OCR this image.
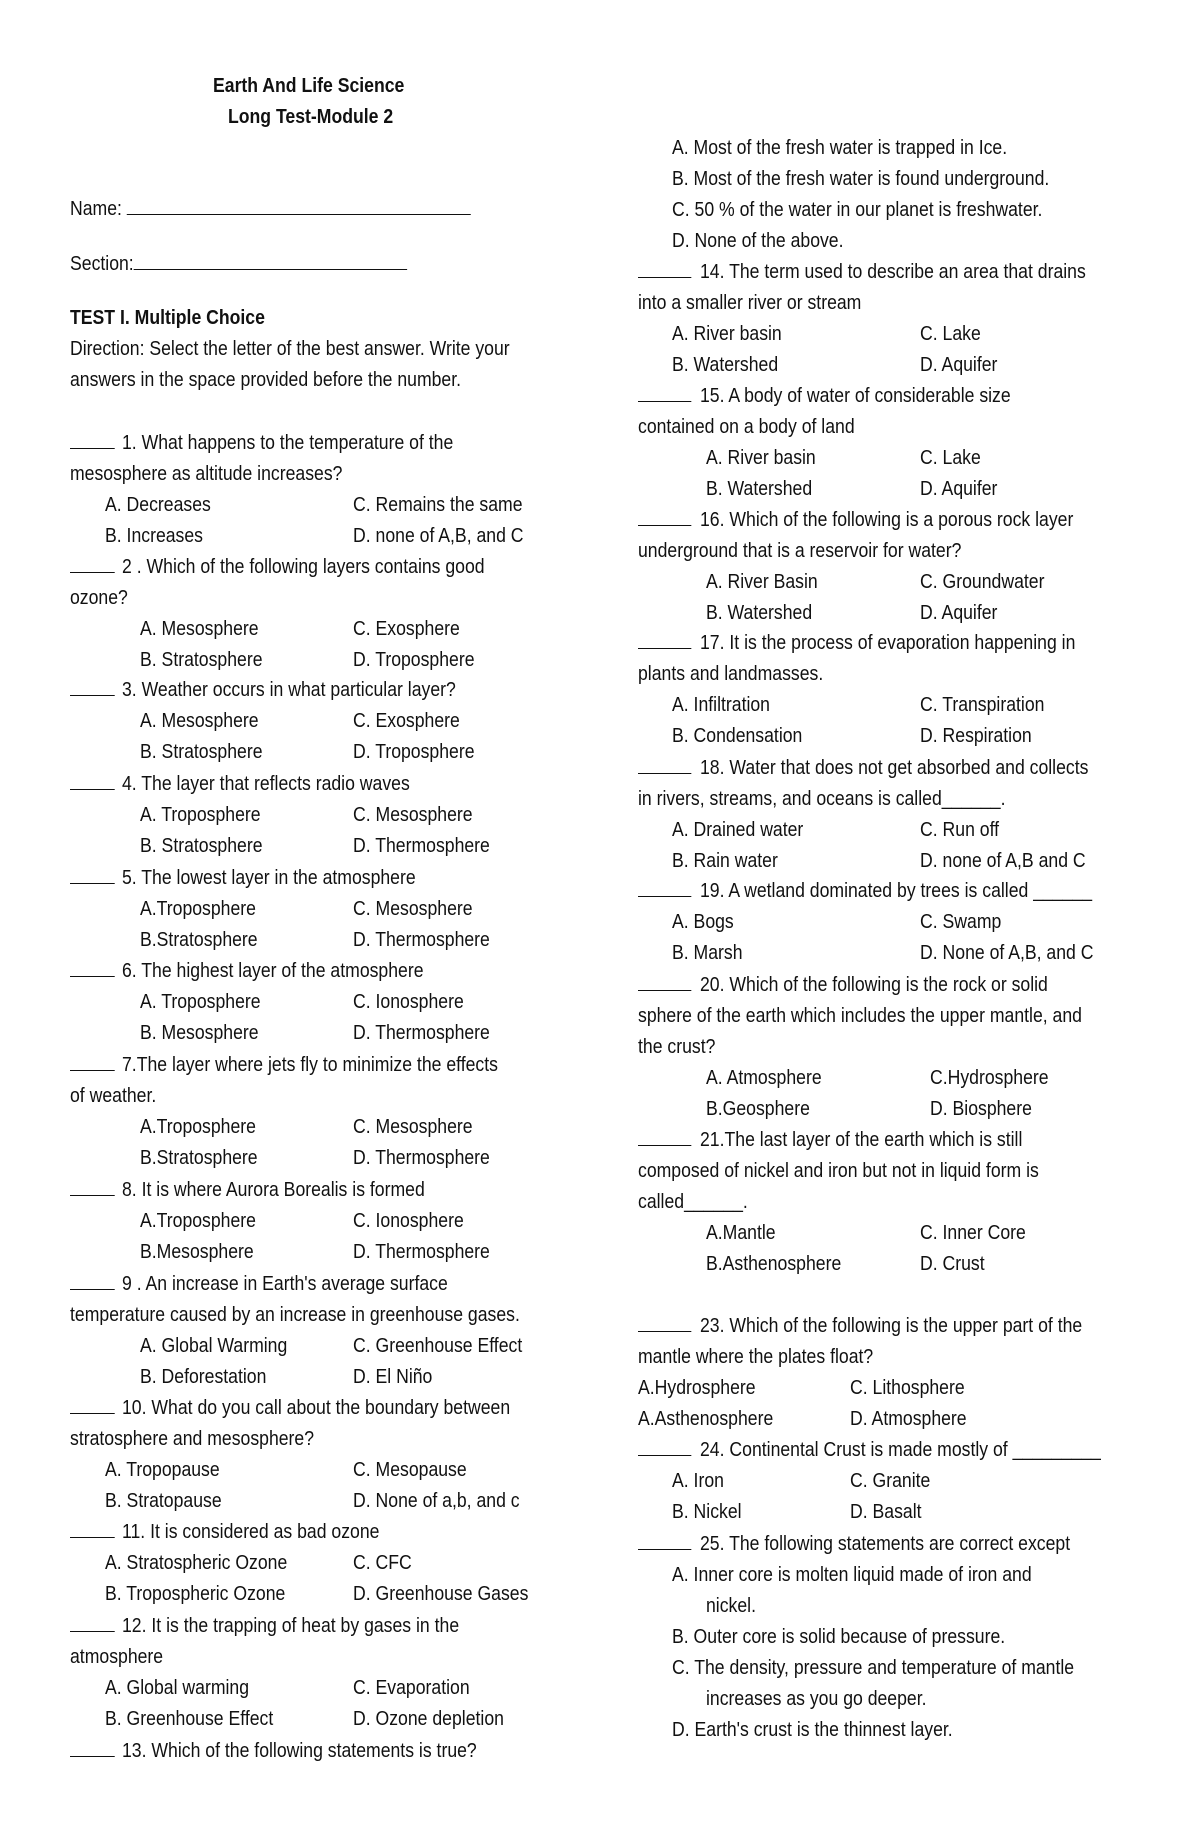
Earth And Life Science
Long Test-Module 2
Name:
Section:
TEST I. Multiple Choice
Direction: Select the letter of the best answer. Write your
answers in the space provided before the number.
1. What happens to the temperature of the
mesosphere as altitude increases?
A. Decreases	C. Remains the same
B. Increases	D. none of A,B, and C
2 . Which of the following layers contains good
ozone?
A. Mesosphere	C. Exosphere
B. Stratosphere	D. Troposphere
3. Weather occurs in what particular layer?
A. Mesosphere	C. Exosphere
B. Stratosphere	D. Troposphere
4. The layer that reflects radio waves
A. Troposphere	C. Mesosphere
B. Stratosphere	D. Thermosphere
5. The lowest layer in the atmosphere
A.Troposphere	C. Mesosphere
B.Stratosphere	D. Thermosphere
6. The highest layer of the atmosphere
A. Troposphere	C. Ionosphere
B. Mesosphere	D. Thermosphere
7.The layer where jets fly to minimize the effects
of weather.
A.Troposphere	C. Mesosphere
B.Stratosphere	D. Thermosphere
8. It is where Aurora Borealis is formed
A.Troposphere	C. Ionosphere
B.Mesosphere	D. Thermosphere
9 . An increase in Earth's average surface
temperature caused by an increase in greenhouse gases.
A. Global Warming	C. Greenhouse Effect
B. Deforestation	D. El Niño
10. What do you call about the boundary between
stratosphere and mesosphere?
A. Tropopause	C. Mesopause
B. Stratopause	D. None of a,b, and c
11. It is considered as bad ozone
A. Stratospheric Ozone	C. CFC
B. Tropospheric Ozone	D. Greenhouse Gases
12. It is the trapping of heat by gases in the
atmosphere
A. Global warming	C. Evaporation
B. Greenhouse Effect	D. Ozone depletion
13. Which of the following statements is true?
A. Most of the fresh water is trapped in Ice.
B. Most of the fresh water is found underground.
C. 50 % of the water in our planet is freshwater.
D. None of the above.
14. The term used to describe an area that drains
into a smaller river or stream
A. River basin	C. Lake
B. Watershed	D. Aquifer
15. A body of water of considerable size
contained on a body of land
A. River basin	C. Lake
B. Watershed	D. Aquifer
16. Which of the following is a porous rock layer
underground that is a reservoir for water?
A. River Basin	C. Groundwater
B. Watershed	D. Aquifer
17. It is the process of evaporation happening in
plants and landmasses.
A. Infiltration	C. Transpiration
B. Condensation	D. Respiration
18. Water that does not get absorbed and collects
in rivers, streams, and oceans is called______.
A. Drained water	C. Run off
B. Rain water	D. none of A,B and C
19. A wetland dominated by trees is called ______
A. Bogs	C. Swamp
B. Marsh	D. None of A,B, and C
20. Which of the following is the rock or solid
sphere of the earth which includes the upper mantle, and
the crust?
A. Atmosphere	C.Hydrosphere
B.Geosphere	D. Biosphere
21.The last layer of the earth which is still
composed of nickel and iron but not in liquid form is
called______.
A.Mantle	C. Inner Core
B.Asthenosphere	D. Crust
23. Which of the following is the upper part of the
mantle where the plates float?
A.Hydrosphere	C. Lithosphere
A.Asthenosphere	D. Atmosphere
24. Continental Crust is made mostly of _________
A. Iron	C. Granite
B. Nickel	D. Basalt
25. The following statements are correct except
A. Inner core is molten liquid made of iron and
nickel.
B. Outer core is solid because of pressure.
C. The density, pressure and temperature of mantle
increases as you go deeper.
D. Earth's crust is the thinnest layer.
